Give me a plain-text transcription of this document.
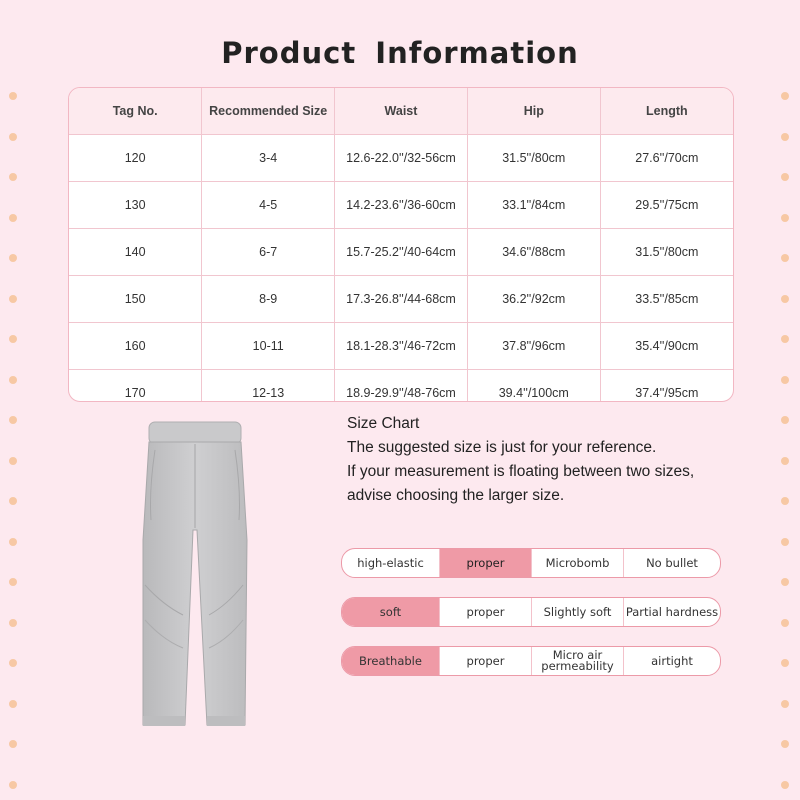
Product Information
Tag No.	Recommended Size	Waist	Hip	Length
120	3-4	12.6-22.0''/32-56cm	31.5''/80cm	27.6''/70cm
130	4-5	14.2-23.6''/36-60cm	33.1''/84cm	29.5''/75cm
140	6-7	15.7-25.2''/40-64cm	34.6''/88cm	31.5''/80cm
150	8-9	17.3-26.8''/44-68cm	36.2''/92cm	33.5''/85cm
160	10-11	18.1-28.3''/46-72cm	37.8''/96cm	35.4''/90cm
170	12-13	18.9-29.9''/48-76cm	39.4''/100cm	37.4''/95cm
Size Chart
The suggested size is just for your reference.
If your measurement is floating between two sizes,
advise choosing the larger size.
high-elastic	proper	Microbomb	No bullet
soft	proper	Slightly soft	Partial hardness
Breathable	proper	Micro air permeability	airtight
